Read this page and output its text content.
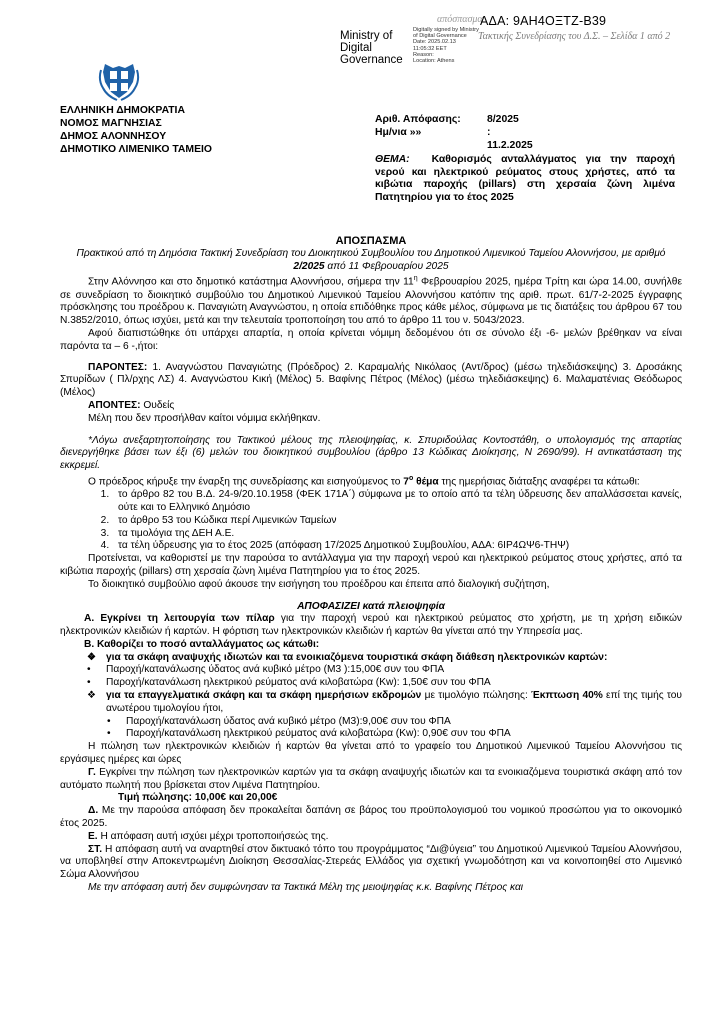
απόσπασμα
ΑΔΑ: 9ΑΗ4ΟΞΤΖ-Β39
Τακτικής Συνεδρίασης του Δ.Σ. – Σελίδα 1 από 2
Ministry of
Digital
Governance
Digitally signed by Ministry
of Digital Governance
Date: 2025.02.13
11:05:32 EET
Reason:
Location: Athens
ΕΛΛΗΝΙΚΗ ΔΗΜΟΚΡΑΤΙΑ
ΝΟΜΟΣ ΜΑΓΝΗΣΙΑΣ
ΔΗΜΟΣ ΑΛΟΝΝΗΣΟΥ
ΔΗΜΟΤΙΚΟ ΛΙΜΕΝΙΚΟ ΤΑΜΕΙΟ
Αριθ. Απόφασης:	8/2025
Ημ/νια »»	: 11.2.2025
ΘΕΜΑ: Καθορισμός ανταλλάγματος για την παροχή νερού και ηλεκτρικού ρεύματος στους χρήστες, από τα κιβώτια παροχής (pillars) στη χερσαία ζώνη λιμένα Πατητηρίου για το έτος 2025

ΑΠΟΣΠΑΣΜΑ

Πρακτικού από τη Δημόσια Τακτική Συνεδρίαση του Διοικητικού Συμβουλίου του Δημοτικού Λιμενικού Ταμείου Αλοννήσου, με αριθμό 2/2025 από 11 Φεβρουαρίου 2025

Στην Αλόννησο και στο δημοτικό κατάστημα Αλοννήσου, σήμερα την $11^\eta$ Φεβρουαρίου 2025, ημέρα Τρίτη και ώρα 14.00, συνήλθε σε συνεδρίαση το διοικητικό συμβούλιο του Δημοτικού Λιμενικού Ταμείου Αλοννήσου κατόπιν της αριθ. πρωτ. 61/7-2-2025 έγγραφης πρόσκλησης του προέδρου κ. Παναγιώτη Αναγνώστου, η οποία επιδόθηκε προς κάθε μέλος, σύμφωνα με τις διατάξεις του άρθρου 67 του Ν.3852/2010, όπως ισχύει, μετά και την τελευταία τροποποίηση του από το άρθρο 11 του ν. 5043/2023.

Αφού διαπιστώθηκε ότι υπάρχει απαρτία, η οποία κρίνεται νόμιμη δεδομένου ότι σε σύνολο έξι -6- μελών βρέθηκαν να είναι παρόντα τα – 6 -,ήτοι:

ΠΑΡΟΝΤΕΣ: 1. Αναγνώστου Παναγιώτης (Πρόεδρος) 2. Καραμαλής Νικόλαος (Αντ/δρος) (μέσω τηλεδιάσκεψης) 3. Δροσάκης Σπυρίδων ( Πλ/ρχης ΛΣ) 4. Αναγνώστου Κική (Μέλος) 5. Βαφίνης Πέτρος (Μέλος) (μέσω τηλεδιάσκεψης) 6. Μαλαματένιας Θεόδωρος (Μέλος)

ΑΠΟΝΤΕΣ: Ουδείς

Μέλη που δεν προσήλθαν καίτοι νόμιμα εκλήθηκαν.

*Λόγω ανεξαρτητοποίησης του Τακτικού μέλους της πλειοψηφίας, κ. Σπυριδούλας Κοντοστάθη, ο υπολογισμός της απαρτίας διενεργήθηκε βάσει των έξι (6) μελών του διοικητικού συμβουλίου (άρθρο 13 Κώδικας Διοίκησης, Ν 2690/99). Η αντικατάσταση της εκκρεμεί.

Ο πρόεδρος κήρυξε την έναρξη της συνεδρίασης και εισηγούμενος το $7^o$ θέμα της ημερήσιας διάταξης αναφέρει τα κάτωθι:

1. το άρθρο 82 του Β.Δ. 24-9/20.10.1958 (ΦΕΚ 171Α΄) σύμφωνα με το οποίο από τα τέλη ύδρευσης δεν απαλλάσσεται κανείς, ούτε και το Ελληνικό Δημόσιο
2. το άρθρο 53 του Κώδικα περί Λιμενικών Ταμείων
3. τα τιμολόγια της ΔΕΗ Α.Ε.
4. τα τέλη ύδρευσης για το έτος 2025 (απόφαση 17/2025 Δημοτικού Συμβουλίου, ΑΔΑ: 6ΙΡ4ΩΨ6-ΤΗΨ)

Προτείνεται, να καθοριστεί με την παρούσα το αντάλλαγμα για την παροχή νερού και ηλεκτρικού ρεύματος στους χρήστες, από τα κιβώτια παροχής (pillars) στη χερσαία ζώνη λιμένα Πατητηρίου για το έτος 2025.

Το διοικητικό συμβούλιο αφού άκουσε την εισήγηση του προέδρου και έπειτα από διαλογική συζήτηση,

ΑΠΟΦΑΣΙΖΕΙ κατά πλειοψηφία

Α. Εγκρίνει τη λειτουργία των πίλαρ για την παροχή νερού και ηλεκτρικού ρεύματος στο χρήστη, με τη χρήση ειδικών ηλεκτρονικών κλειδιών ή καρτών. Η φόρτιση των ηλεκτρονικών κλειδιών ή καρτών θα γίνεται από την Υπηρεσία μας.

Β. Καθορίζει το ποσό ανταλλάγματος ως κάτωθι:

❖ για τα σκάφη αναψυχής ιδιωτών και τα ενοικιαζόμενα τουριστικά σκάφη διάθεση ηλεκτρονικών καρτών:
• Παροχή/κατανάλωσης ύδατος ανά κυβικό μέτρο (Μ3 ):15,00€ συν του ΦΠΑ
• Παροχή/κατανάλωση ηλεκτρικού ρεύματος ανά κιλοβατώρα (Kw): 1,50€ συν του ΦΠΑ
❖ για τα επαγγελματικά σκάφη και τα σκάφη ημερήσιων εκδρομών με τιμολόγιο πώλησης: Έκπτωση 40% επί της τιμής του ανωτέρου τιμολογίου ήτοι,
• Παροχή/κατανάλωση ύδατος ανά κυβικό μέτρο (Μ3):9,00€ συν του ΦΠΑ
• Παροχή/κατανάλωση ηλεκτρικού ρεύματος ανά κιλοβατώρα (Kw): 0,90€ συν του ΦΠΑ

Η πώληση των ηλεκτρονικών κλειδιών ή καρτών θα γίνεται από το γραφείο του Δημοτικού Λιμενικού Ταμείου Αλοννήσου τις εργάσιμες ημέρες και ώρες

Γ. Εγκρίνει την πώληση των ηλεκτρονικών καρτών για τα σκάφη αναψυχής ιδιωτών και τα ενοικιαζόμενα τουριστικά σκάφη από τον αυτόματο πωλητή που βρίσκεται στον Λιμένα Πατητηρίου.

Τιμή πώλησης: 10,00€ και 20,00€

Δ. Με την παρούσα απόφαση δεν προκαλείται δαπάνη σε βάρος του προϋπολογισμού του νομικού προσώπου για το οικονομικό έτος 2025.

Ε. Η απόφαση αυτή ισχύει μέχρι τροποποιήσεώς της.

ΣΤ. Η απόφαση αυτή να αναρτηθεί στον δικτυακό τόπο του προγράμματος “Δι@ύγεια” του Δημοτικού Λιμενικού Ταμείου Αλοννήσου, να υποβληθεί στην Αποκεντρωμένη Διοίκηση Θεσσαλίας-Στερεάς Ελλάδος για σχετική γνωμοδότηση και να κοινοποιηθεί στο Λιμενικό Σώμα Αλοννήσου

Με την απόφαση αυτή δεν συμφώνησαν τα Τακτικά Μέλη της μειοψηφίας κ.κ. Βαφίνης Πέτρος και
